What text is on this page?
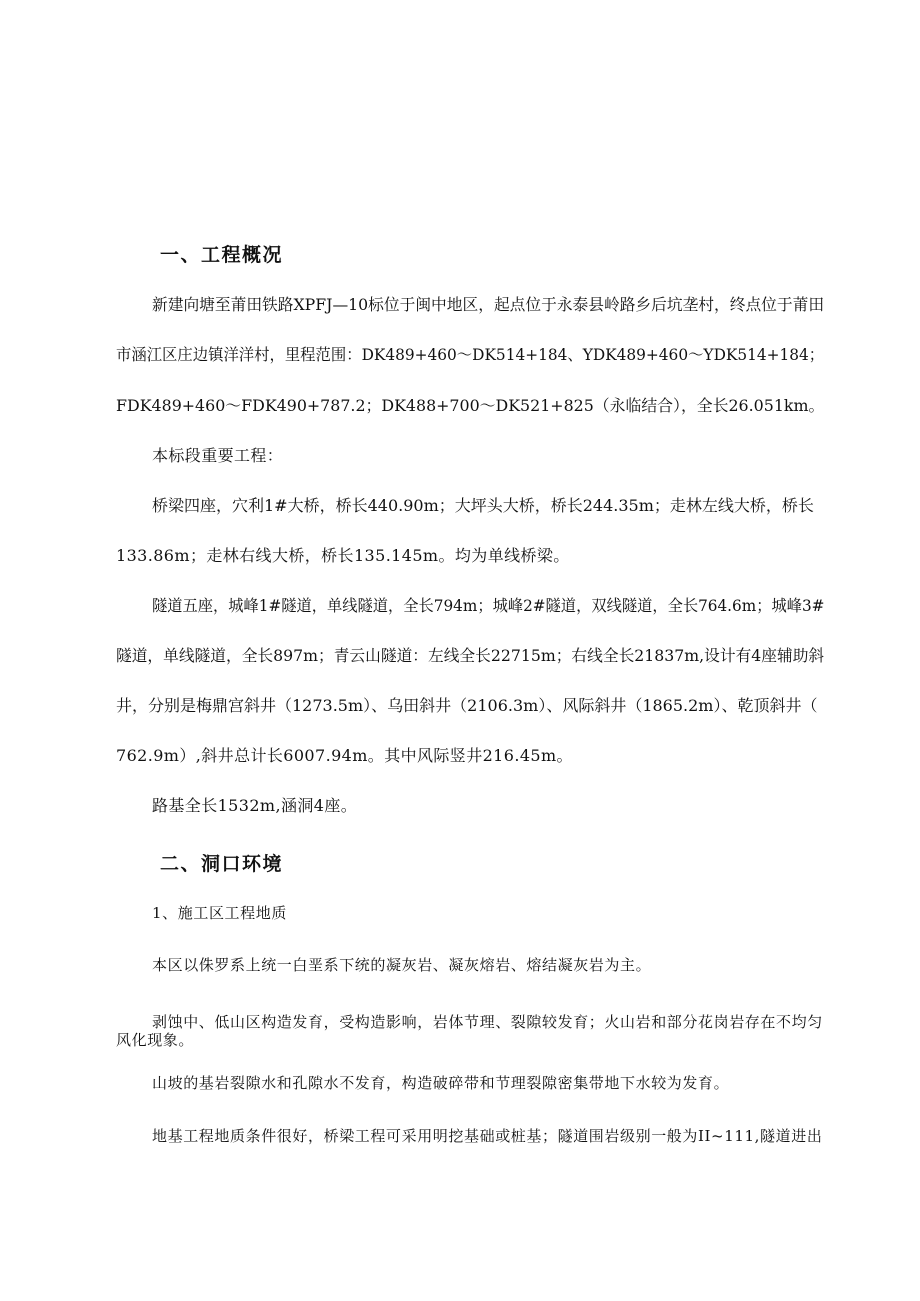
一、工程概况
新建向塘至莆田铁路XPFJ—10标位于闽中地区，起点位于永泰县岭路乡后坑垄村，终点位于莆田
市涵江区庄边镇洋洋村，里程范围：DK489+460～DK514+184、YDK489+460～YDK514+184；
FDK489+460～FDK490+787.2；DK488+700～DK521+825（永临结合），全长26.051km。
本标段重要工程：
桥梁四座，穴利1#大桥，桥长440.90m；大坪头大桥，桥长244.35m；走林左线大桥，桥长
133.86m；走林右线大桥，桥长135.145m。均为单线桥梁。
隧道五座，城峰1#隧道，单线隧道，全长794m；城峰2#隧道，双线隧道，全长764.6m；城峰3#
隧道，单线隧道，全长897m；青云山隧道：左线全长22715m；右线全长21837m,设计有4座辅助斜
井，分别是梅鼎宫斜井（1273.5m）、乌田斜井（2106.3m）、风际斜井（1865.2m）、乾顶斜井（
762.9m）,斜井总计长6007.94m。其中风际竖井216.45m。
路基全长1532m,涵洞4座。
二、洞口环境
1、施工区工程地质
本区以侏罗系上统一白垩系下统的凝灰岩、凝灰熔岩、熔结凝灰岩为主。
剥蚀中、低山区构造发育，受构造影响，岩体节理、裂隙较发育；火山岩和部分花岗岩存在不均匀
风化现象。
山坡的基岩裂隙水和孔隙水不发育，构造破碎带和节理裂隙密集带地下水较为发育。
地基工程地质条件很好，桥梁工程可采用明挖基础或桩基；隧道围岩级别一般为II~111,隧道进出
